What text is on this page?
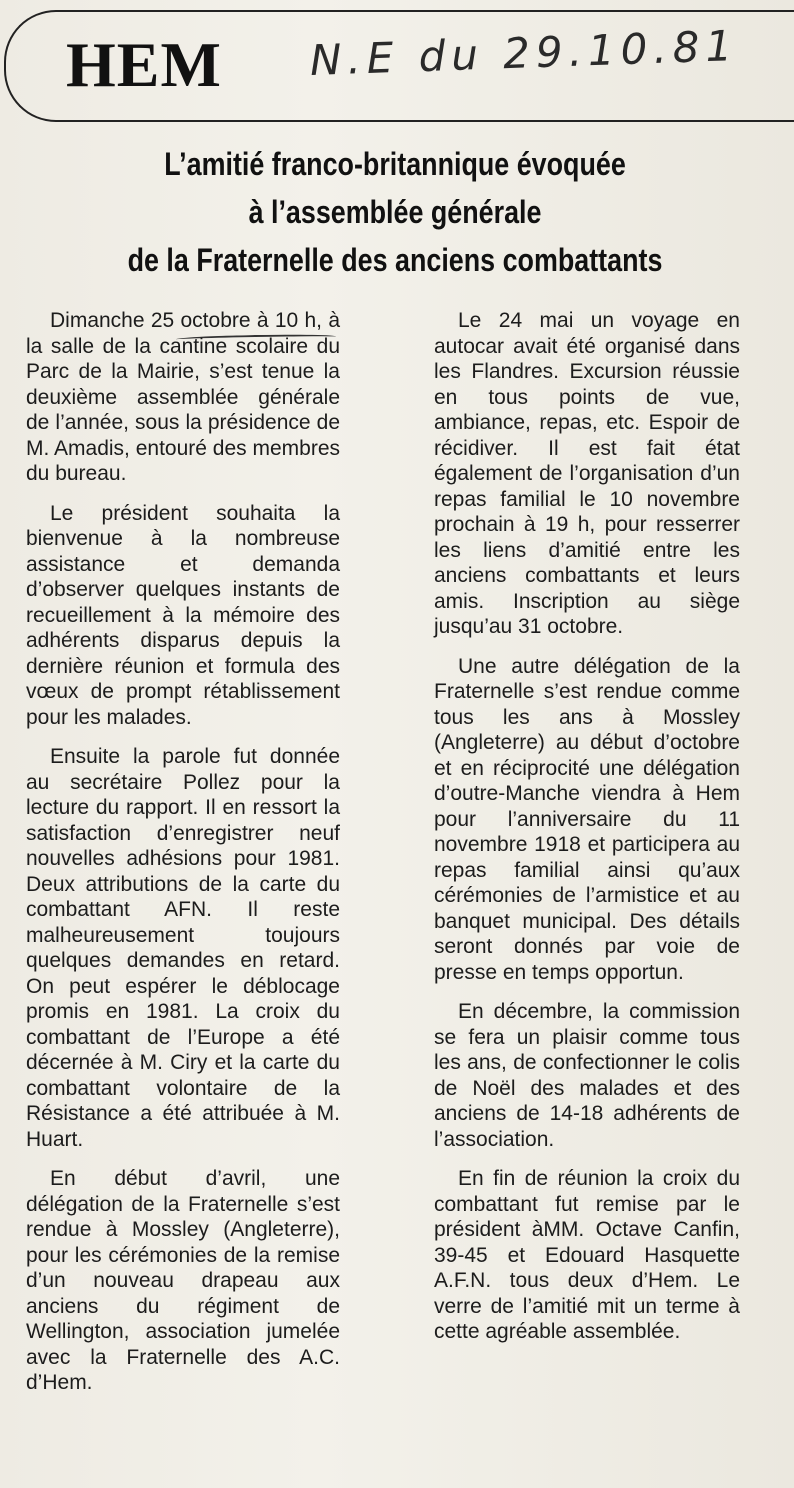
HEM N.E du 29.10.81
L’amitié franco-britannique évoquée
à l’assemblée générale
de la Fraternelle des anciens combattants

Dimanche 25 octobre à 10 h, à la salle de la cantine scolaire du Parc de la Mairie, s’est tenue la deuxième assemblée générale de l’année, sous la présidence de M. Amadis, entouré des membres du bureau.

Le président souhaita la bienvenue à la nombreuse assistance et demanda d’observer quelques instants de recueillement à la mémoire des adhérents disparus depuis la dernière réunion et formula des vœux de prompt rétablissement pour les malades.

Ensuite la parole fut donnée au secrétaire Pollez pour la lecture du rapport. Il en ressort la satisfaction d’enregistrer neuf nouvelles adhésions pour 1981. Deux attributions de la carte du combattant AFN. Il reste malheureusement toujours quelques demandes en retard. On peut espérer le déblocage promis en 1981. La croix du combattant de l’Europe a été décernée à M. Ciry et la carte du combattant volontaire de la Résistance a été attribuée à M. Huart.

En début d’avril, une délégation de la Fraternelle s’est rendue à Mossley (Angleterre), pour les cérémonies de la remise d’un nouveau drapeau aux anciens du régiment de Wellington, association jumelée avec la Fraternelle des A.C. d’Hem.

Le 24 mai un voyage en autocar avait été organisé dans les Flandres. Excursion réussie en tous points de vue, ambiance, repas, etc. Espoir de récidiver. Il est fait état également de l’organisation d’un repas familial le 10 novembre prochain à 19 h, pour resserrer les liens d’amitié entre les anciens combattants et leurs amis. Inscription au siège jusqu’au 31 octobre.

Une autre délégation de la Fraternelle s’est rendue comme tous les ans à Mossley (Angleterre) au début d’octobre et en réciprocité une délégation d’outre-Manche viendra à Hem pour l’anniversaire du 11 novembre 1918 et participera au repas familial ainsi qu’aux cérémonies de l’armistice et au banquet municipal. Des détails seront donnés par voie de presse en temps opportun.

En décembre, la commission se fera un plaisir comme tous les ans, de confectionner le colis de Noël des malades et des anciens de 14-18 adhérents de l’association.

En fin de réunion la croix du combattant fut remise par le président àMM. Octave Canfin, 39-45 et Edouard Hasquette A.F.N. tous deux d’Hem. Le verre de l’amitié mit un terme à cette agréable assemblée.
